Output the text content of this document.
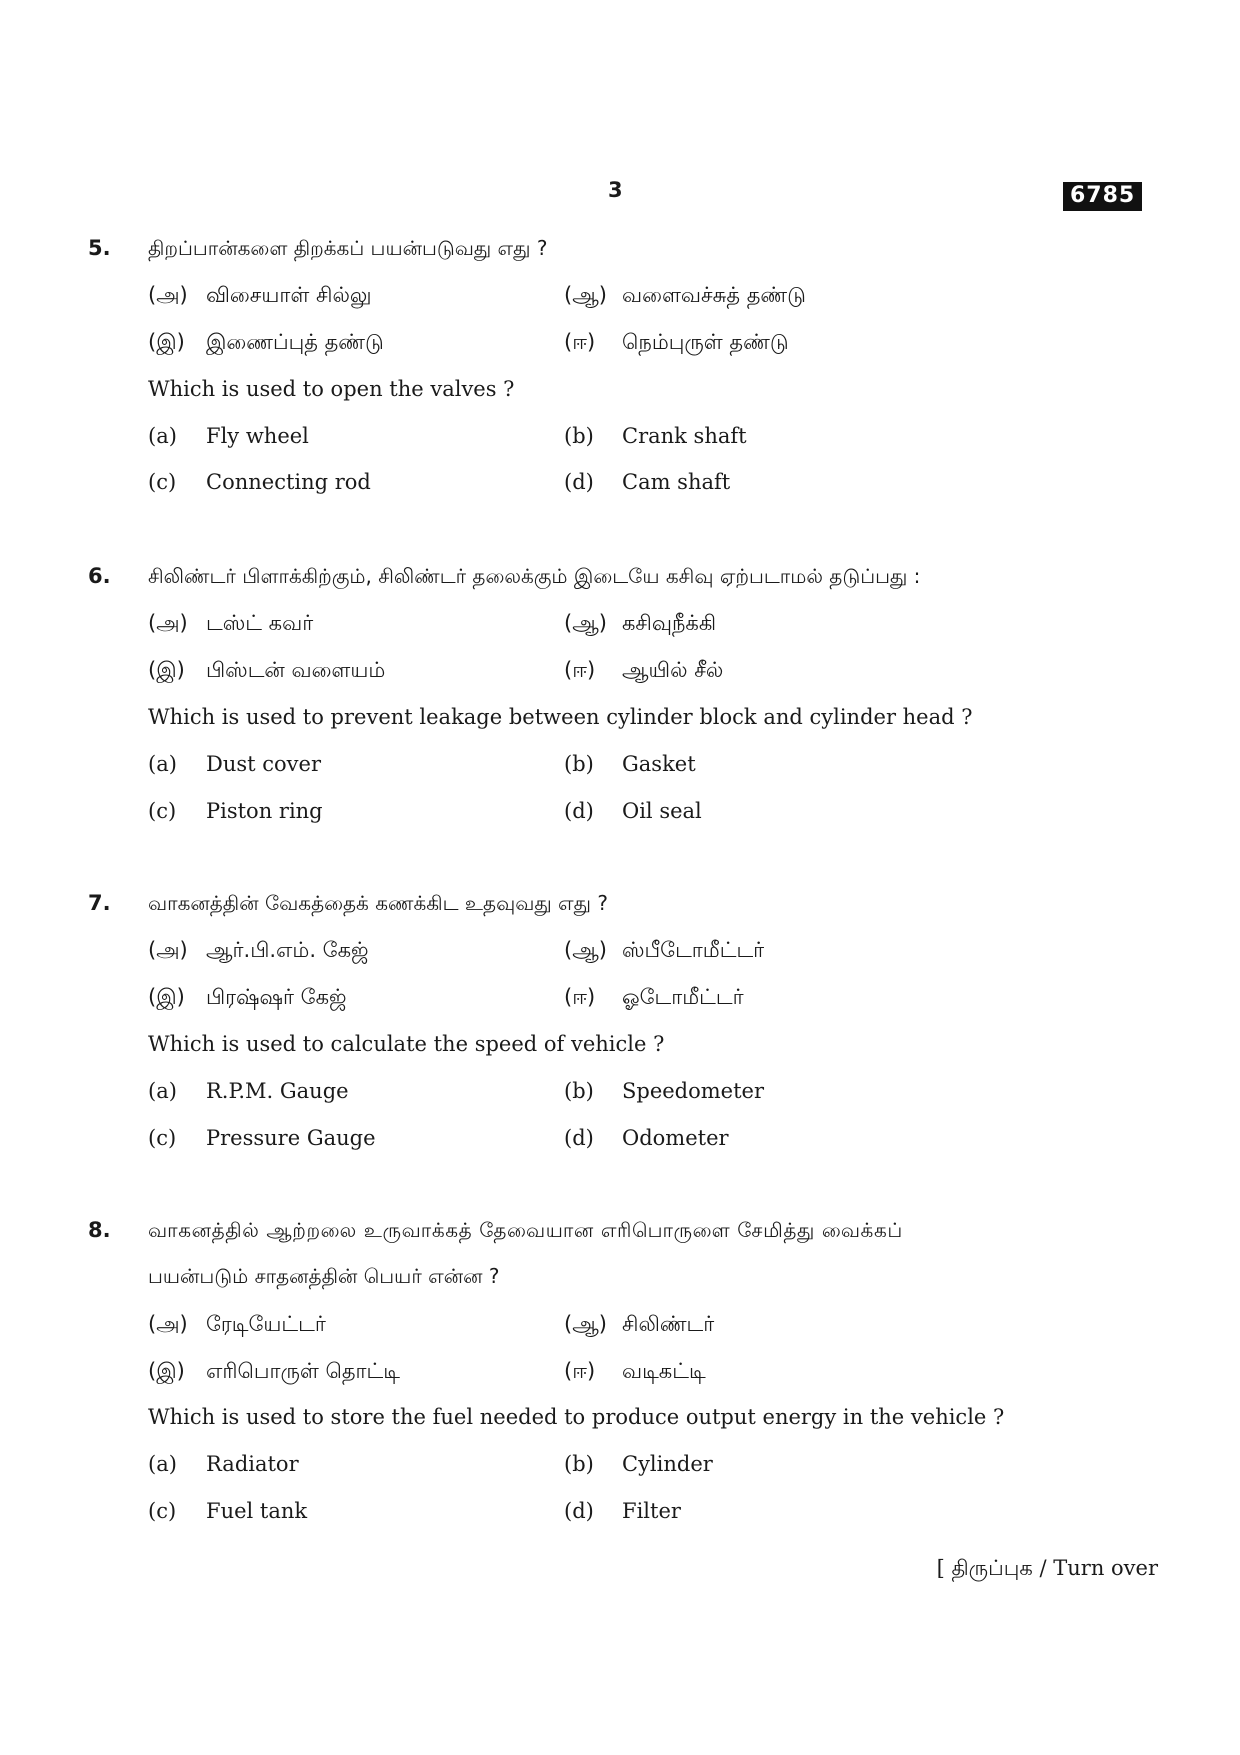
3	6785
5. திறப்பான்களை திறக்கப் பயன்படுவது எது ?
(அ) விசையாள் சில்லு	(ஆ) வளைவச்சுத் தண்டு
(இ) இணைப்புத் தண்டு	(ஈ) நெம்புருள் தண்டு
Which is used to open the valves ?
(a) Fly wheel	(b) Crank shaft
(c) Connecting rod	(d) Cam shaft
6. சிலிண்டர் பிளாக்கிற்கும், சிலிண்டர் தலைக்கும் இடையே கசிவு ஏற்படாமல் தடுப்பது :
(அ) டஸ்ட் கவர்	(ஆ) கசிவுநீக்கி
(இ) பிஸ்டன் வளையம்	(ஈ) ஆயில் சீல்
Which is used to prevent leakage between cylinder block and cylinder head ?
(a) Dust cover	(b) Gasket
(c) Piston ring	(d) Oil seal
7. வாகனத்தின் வேகத்தைக் கணக்கிட உதவுவது எது ?
(அ) ஆர்.பி.எம். கேஜ்	(ஆ) ஸ்பீடோமீட்டர்
(இ) பிரஷ்ஷர் கேஜ்	(ஈ) ஓடோமீட்டர்
Which is used to calculate the speed of vehicle ?
(a) R.P.M. Gauge	(b) Speedometer
(c) Pressure Gauge	(d) Odometer
8. வாகனத்தில் ஆற்றலை உருவாக்கத் தேவையான எரிபொருளை சேமித்து வைக்கப்
பயன்படும் சாதனத்தின் பெயர் என்ன ?
(அ) ரேடியேட்டர்	(ஆ) சிலிண்டர்
(இ) எரிபொருள் தொட்டி	(ஈ) வடிகட்டி
Which is used to store the fuel needed to produce output energy in the vehicle ?
(a) Radiator	(b) Cylinder
(c) Fuel tank	(d) Filter
[ திருப்புக / Turn over
